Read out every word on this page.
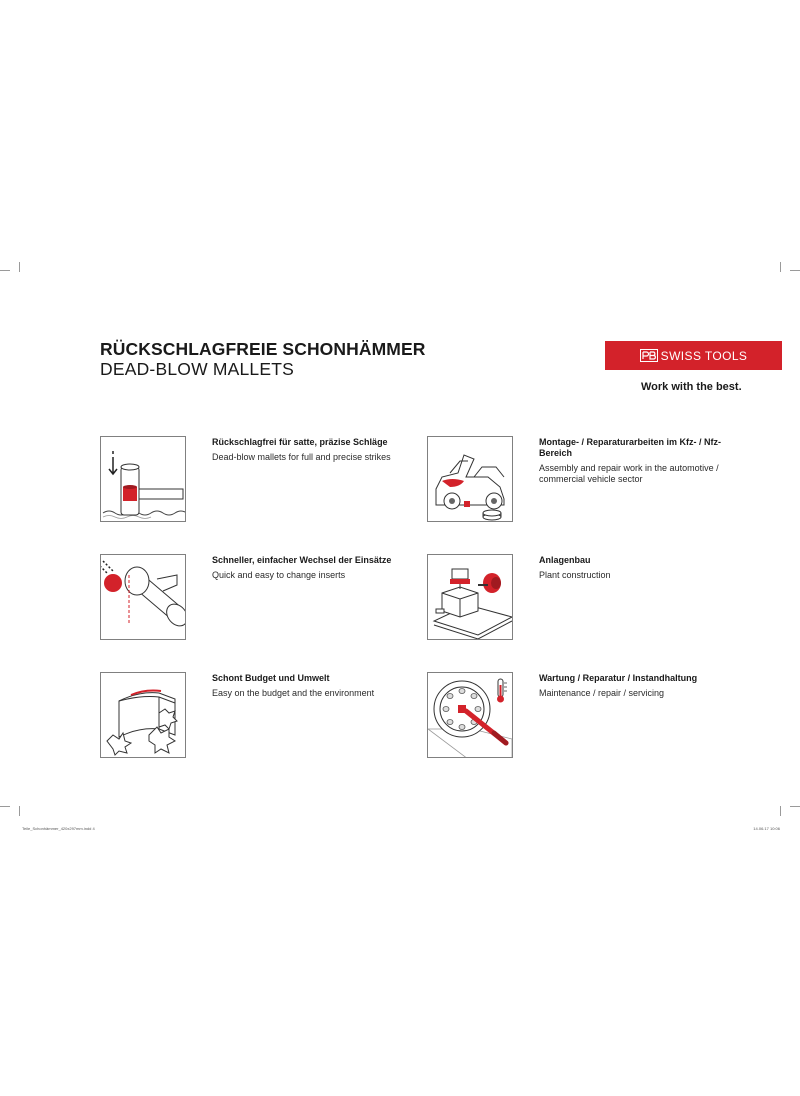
RÜCKSCHLAGFREIE SCHONHÄMMER
DEAD-BLOW MALLETS
SWISS TOOLS
Work with the best.
Rückschlagfrei für satte, präzise Schläge
Dead-blow mallets for full and precise strikes
Montage- / Reparaturarbeiten im Kfz- / Nfz-Bereich
Assembly and repair work in the automotive / commercial vehicle sector
Schneller, einfacher Wechsel der Einsätze
Quick and easy to change inserts
Anlagenbau
Plant construction
Schont Budget und Umwelt
Easy on the budget and the environment
Wartung / Reparatur / Instandhaltung
Maintenance / repair / servicing
Teile_Schonhämmer_420x297mm.indd 4	14.06.17 10:06
